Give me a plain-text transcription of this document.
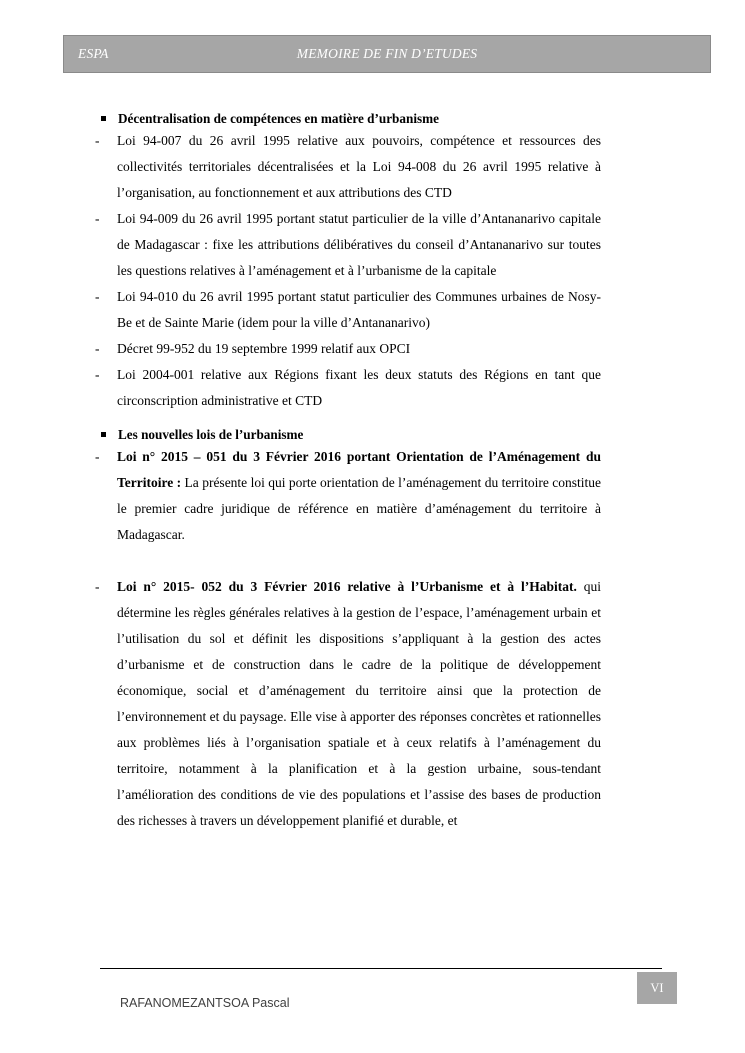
ESPA	MEMOIRE DE FIN D’ETUDES
Décentralisation de compétences en matière d’urbanisme
-	Loi 94-007 du 26 avril 1995 relative aux pouvoirs, compétence et ressources des collectivités territoriales décentralisées et la Loi 94-008 du 26 avril 1995 relative à l’organisation, au fonctionnement et aux attributions des CTD
-	Loi 94-009 du 26 avril 1995 portant statut particulier de la ville d’Antananarivo capitale de Madagascar : fixe les attributions délibératives du conseil d’Antananarivo sur toutes les questions relatives à l’aménagement et à l’urbanisme de la capitale
-	Loi 94-010 du 26 avril 1995 portant statut particulier des Communes urbaines de Nosy-Be et de Sainte Marie (idem pour la ville d’Antananarivo)
-	Décret 99-952 du 19 septembre 1999 relatif aux OPCI
-	Loi 2004-001 relative aux Régions fixant les deux statuts des Régions en tant que circonscription administrative et CTD
Les nouvelles lois de l’urbanisme
-	Loi n° 2015 – 051 du 3 Février 2016 portant Orientation de l’Aménagement du Territoire : La présente loi qui porte orientation de l’aménagement du territoire constitue le premier cadre juridique de référence en matière d’aménagement du territoire à Madagascar.
-	Loi n° 2015- 052 du 3 Février 2016 relative à l’Urbanisme et à l’Habitat. qui détermine les règles générales relatives à la gestion de l’espace, l’aménagement urbain et l’utilisation du sol et définit les dispositions s’appliquant à la gestion des actes d’urbanisme et de construction dans le cadre de la politique de développement économique, social et d’aménagement du territoire ainsi que la protection de l’environnement et du paysage. Elle vise à apporter des réponses concrètes et rationnelles aux problèmes liés à l’organisation spatiale et à ceux relatifs à l’aménagement du territoire, notamment à la planification et à la gestion urbaine, sous-tendant l’amélioration des conditions de vie des populations et l’assise des bases de production des richesses à travers un développement planifié et durable, et
RAFANOMEZANTSOA Pascal
VI
